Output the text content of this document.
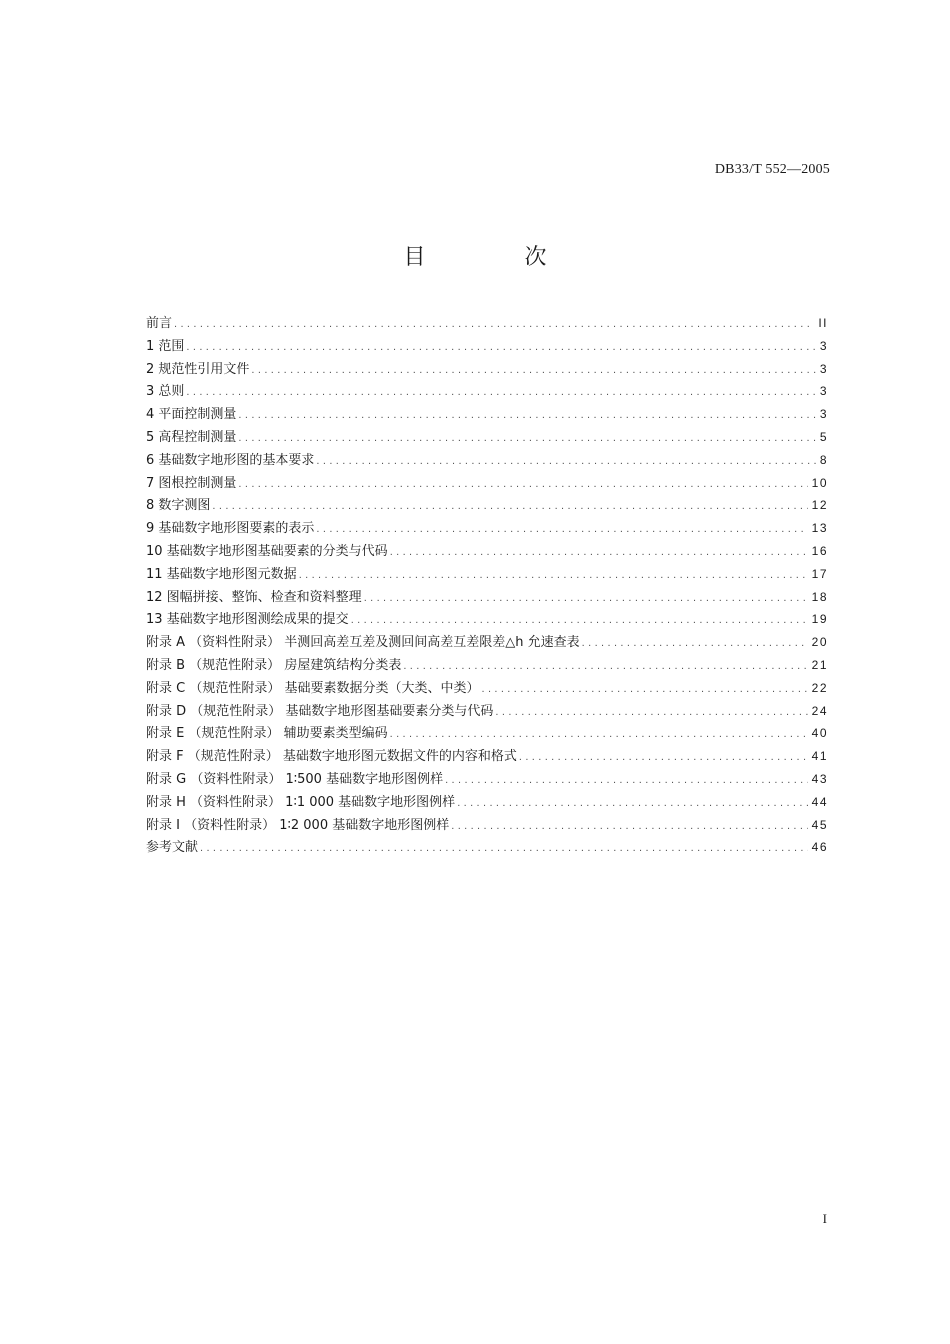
DB33/T 552—2005
目 次
前言 .....	II
1 范围 .....	3
2 规范性引用文件 .....	3
3 总则 .....	3
4 平面控制测量 .....	3
5 高程控制测量 .....	5
6 基础数字地形图的基本要求 .....	8
7 图根控制测量 .....	10
8 数字测图 .....	12
9 基础数字地形图要素的表示 .....	13
10 基础数字地形图基础要素的分类与代码 .....	16
11 基础数字地形图元数据 .....	17
12 图幅拼接、整饰、检查和资料整理 .....	18
13 基础数字地形图测绘成果的提交 .....	19
附录 A （资料性附录） 半测回高差互差及测回间高差互差限差△h 允速查表 .....	20
附录 B （规范性附录） 房屋建筑结构分类表 .....	21
附录 C （规范性附录） 基础要素数据分类（大类、中类） .....	22
附录 D （规范性附录） 基础数字地形图基础要素分类与代码 .....	24
附录 E （规范性附录） 辅助要素类型编码 .....	40
附录 F （规范性附录） 基础数字地形图元数据文件的内容和格式 .....	41
附录 G （资料性附录） 1∶500 基础数字地形图例样 .....	43
附录 H （资料性附录） 1∶1 000 基础数字地形图例样 .....	44
附录 I （资料性附录） 1∶2 000 基础数字地形图例样 .....	45
参考文献 .....	46
I
